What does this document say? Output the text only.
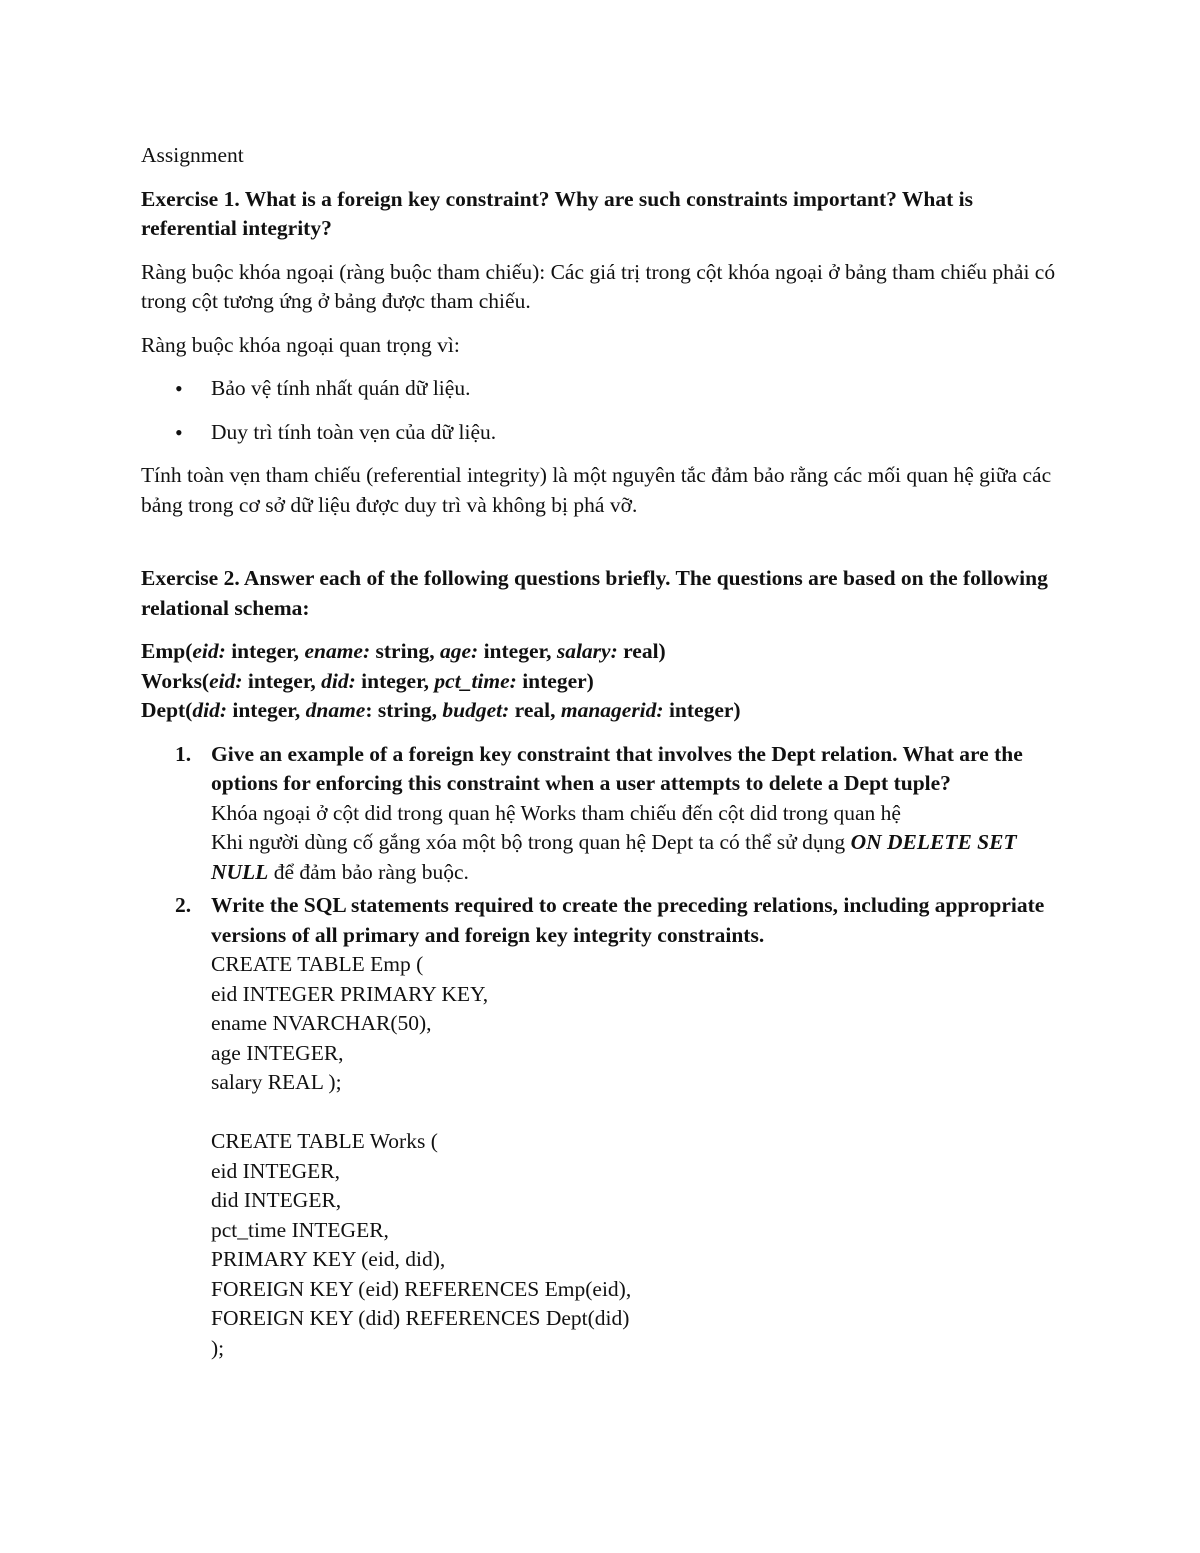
Assignment

Exercise 1. What is a foreign key constraint? Why are such constraints important? What is referential integrity?

Ràng buộc khóa ngoại (ràng buộc tham chiếu): Các giá trị trong cột khóa ngoại ở bảng tham chiếu phải có trong cột tương ứng ở bảng được tham chiếu.

Ràng buộc khóa ngoại quan trọng vì:

• Bảo vệ tính nhất quán dữ liệu.
• Duy trì tính toàn vẹn của dữ liệu.

Tính toàn vẹn tham chiếu (referential integrity) là một nguyên tắc đảm bảo rằng các mối quan hệ giữa các bảng trong cơ sở dữ liệu được duy trì và không bị phá vỡ.

Exercise 2. Answer each of the following questions briefly. The questions are based on the following relational schema:

Emp(eid: integer, ename: string, age: integer, salary: real)
Works(eid: integer, did: integer, pct_time: integer)
Dept(did: integer, dname: string, budget: real, managerid: integer)
1. Give an example of a foreign key constraint that involves the Dept relation. What are the options for enforcing this constraint when a user attempts to delete a Dept tuple?
Khóa ngoại ở cột did trong quan hệ Works tham chiếu đến cột did trong quan hệ
Khi người dùng cố gắng xóa một bộ trong quan hệ Dept ta có thể sử dụng ON DELETE SET NULL để đảm bảo ràng buộc.
2. Write the SQL statements required to create the preceding relations, including appropriate versions of all primary and foreign key integrity constraints.
CREATE TABLE Emp (
eid INTEGER PRIMARY KEY,
ename NVARCHAR(50),
age INTEGER,
salary REAL );
CREATE TABLE Works (
eid INTEGER,
did INTEGER,
pct_time INTEGER,
PRIMARY KEY (eid, did),
FOREIGN KEY (eid) REFERENCES Emp(eid),
FOREIGN KEY (did) REFERENCES Dept(did)
);
